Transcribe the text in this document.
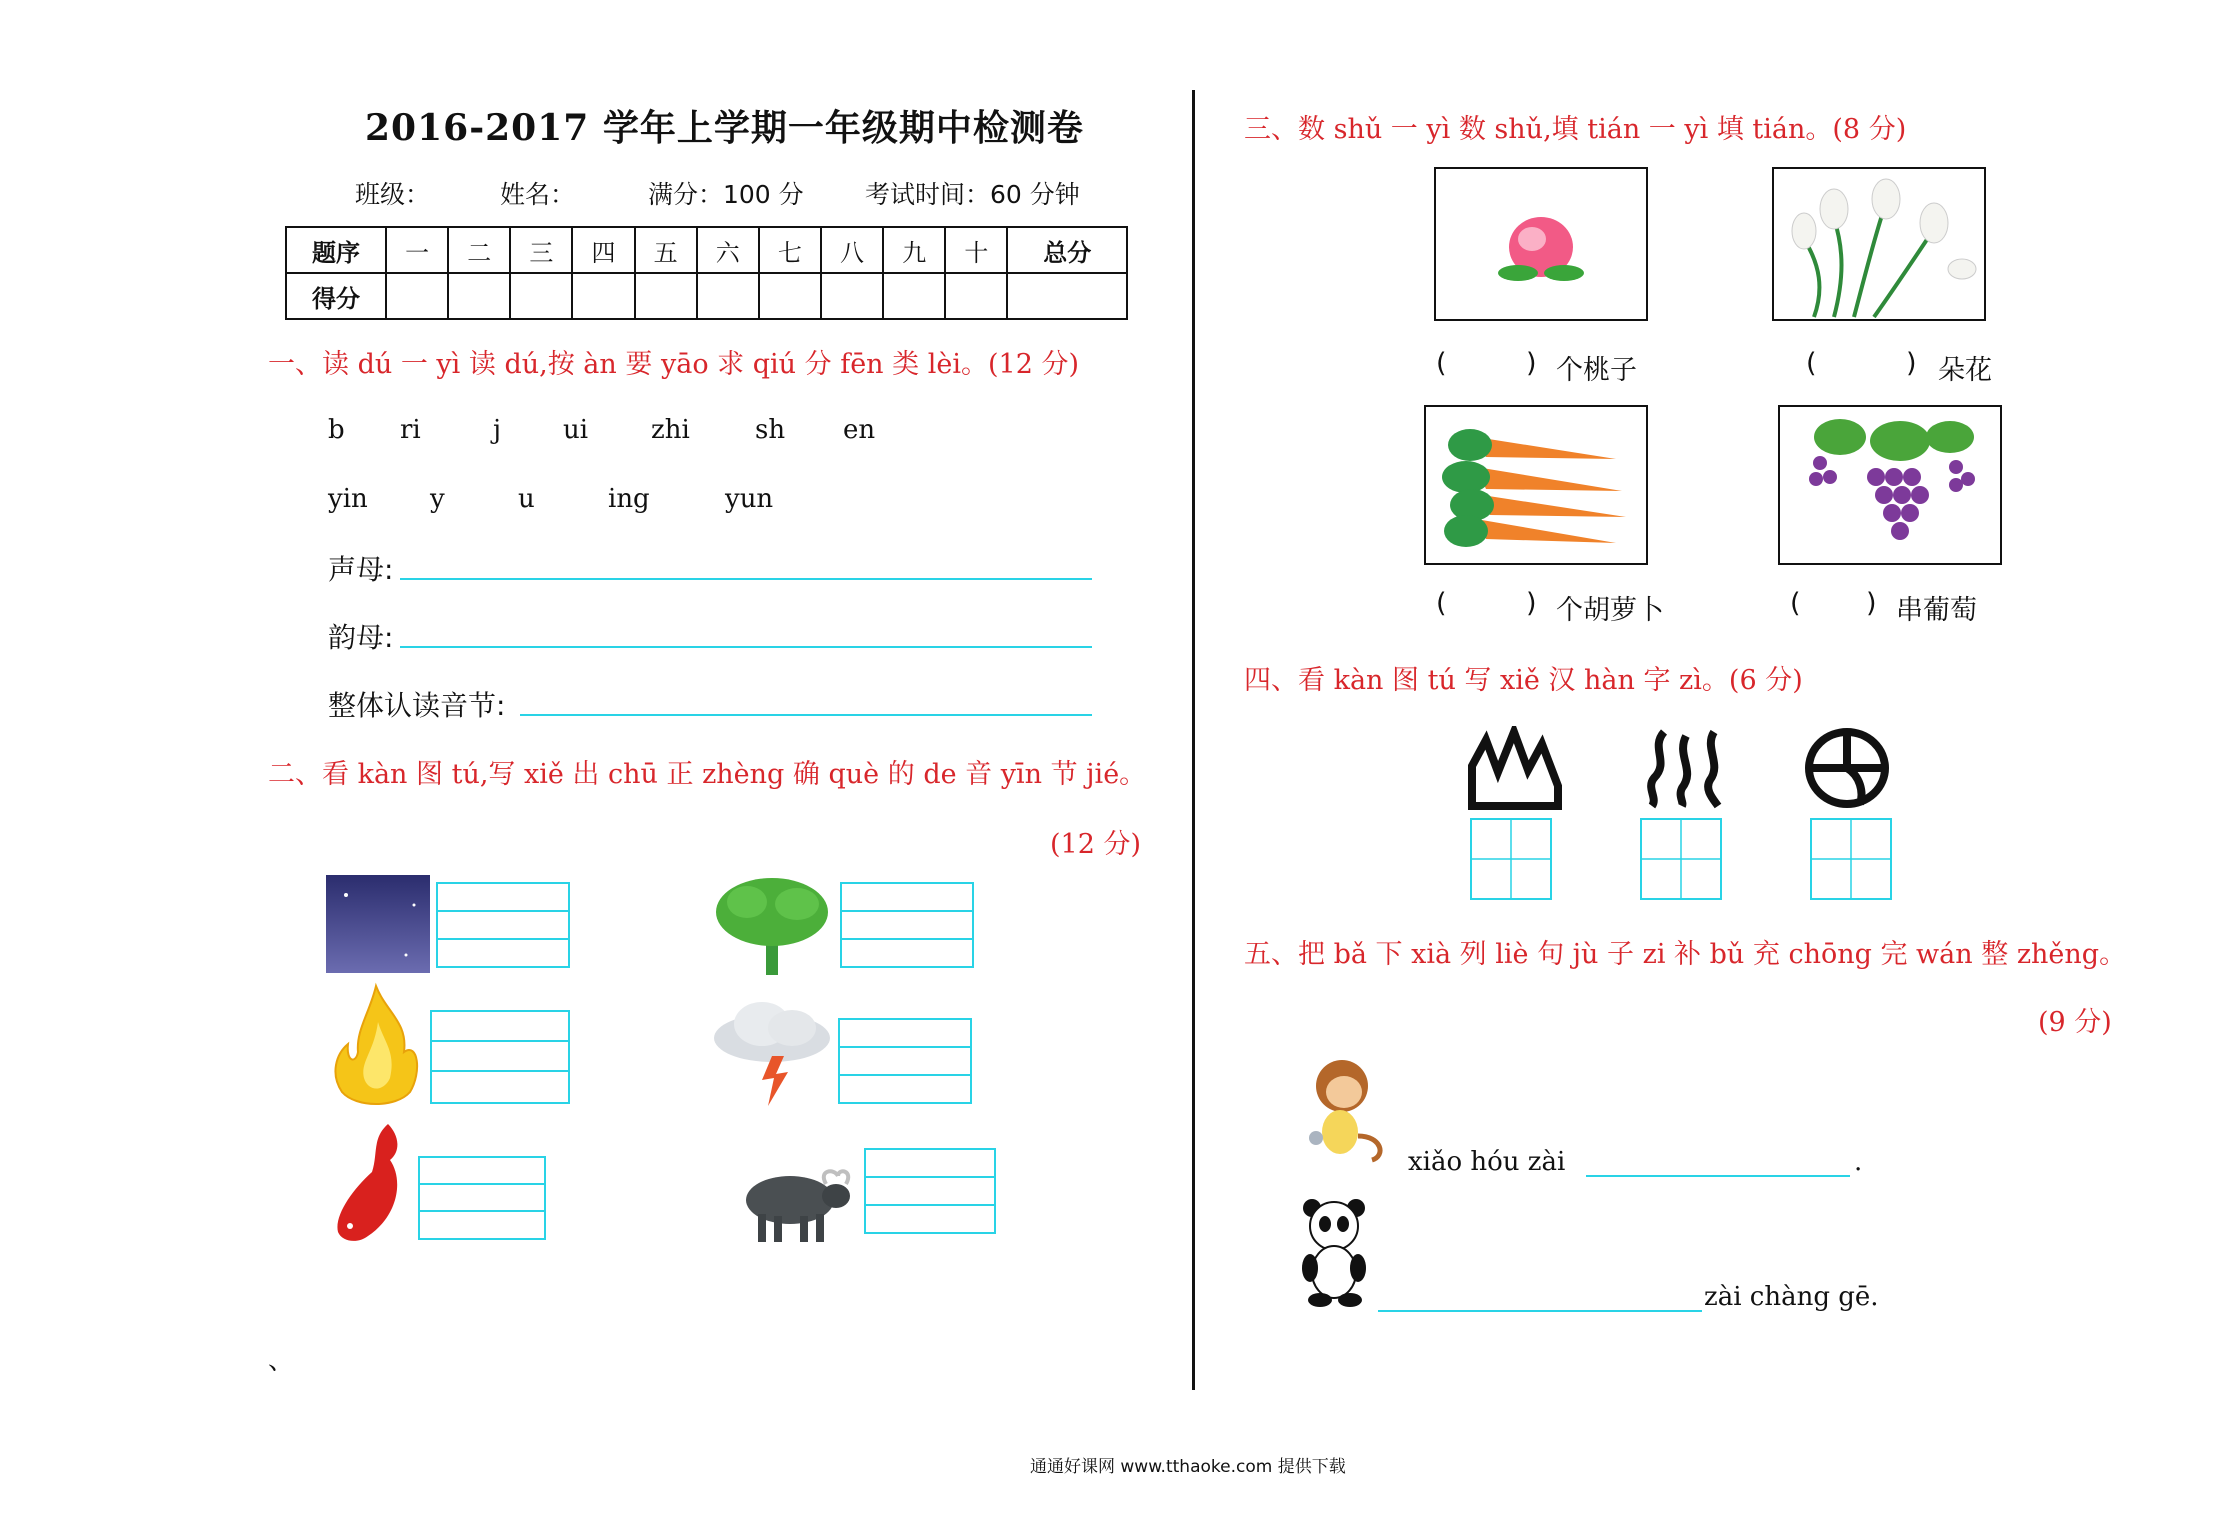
2016-2017 学年上学期一年级期中检测卷
班级：	姓名：	满分：100 分 考试时间：60 分钟
题序	一	二	三	四	五	六	七	八	九	十	总分
得分											
一、读 dú 一 yì 读 dú,按 àn 要 yāo 求 qiú 分 fēn 类 lèi。(12 分)
b ri	j ui zhi	sh en
yin y	u	ing	yun
声母:
韵母:
整体认读音节:
二、看 kàn 图 tú,写 xiě 出 chū 正 zhèng 确 què 的 de 音 yīn 节 jié。
(12 分)
、
三、数 shǔ 一 yì 数 shǔ,填 tián 一 yì 填 tián。(8 分)
(	) 个桃子	(	) 朵花
(	) 个胡萝卜	( ) 串葡萄
四、看 kàn 图 tú 写 xiě 汉 hàn 字 zì。(6 分)
五、把 bǎ 下 xià 列 liè 句 jù 子 zi 补 bǔ 充 chōng 完 wán 整 zhěng。
(9 分)
xiǎo hóu zài	.
zài chàng gē.
通通好课网 www.tthaoke.com 提供下载
